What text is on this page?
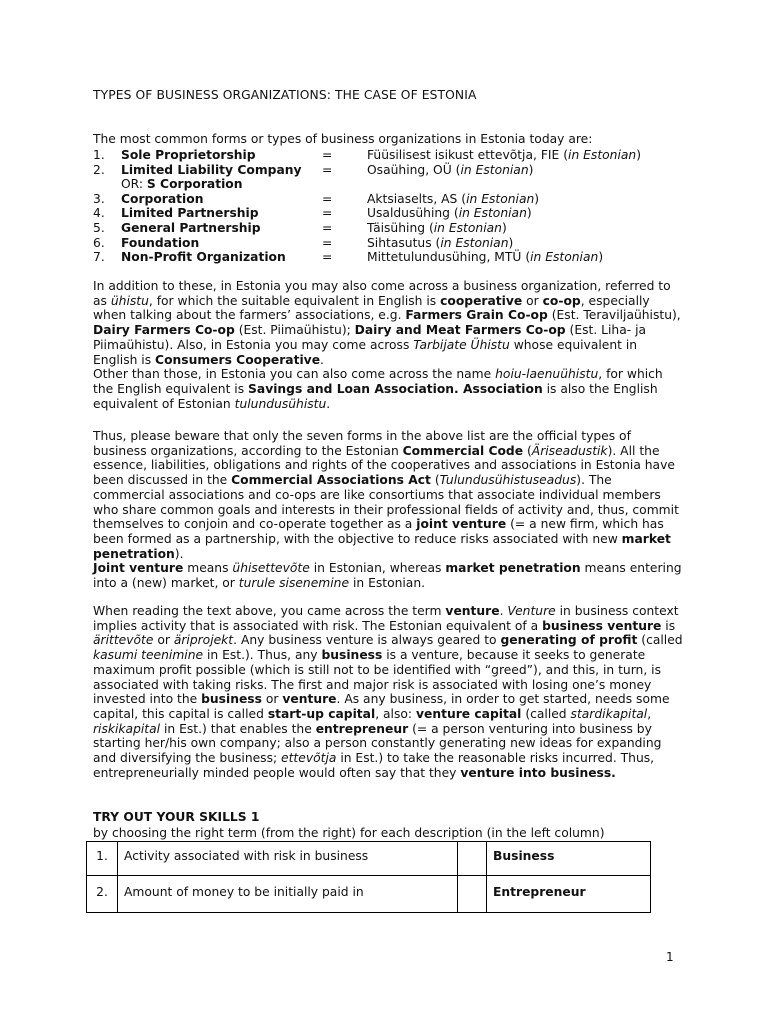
TYPES OF BUSINESS ORGANIZATIONS: THE CASE OF ESTONIA
The most common forms or types of business organizations in Estonia today are:
1. Sole Proprietorship	=	Füüsilisest isikust ettevõtja, FIE (in Estonian)
2. Limited Liability Company =	Osaühing, OÜ (in Estonian)
OR: S Corporation
3. Corporation	=	Aktsiaselts, AS (in Estonian)
4. Limited Partnership	=	Usaldusühing (in Estonian)
5. General Partnership	=	Täisühing (in Estonian)
6. Foundation	=	Sihtasutus (in Estonian)
7. Non-Profit Organization	=	Mittetulundusühing, MTÜ (in Estonian)
In addition to these, in Estonia you may also come across a business organization, referred to as ühistu, for which the suitable equivalent in English is cooperative or co-op, especially when talking about the farmers’ associations, e.g. Farmers Grain Co-op (Est. Teraviljaühistu), Dairy Farmers Co-op (Est. Piimaühistu); Dairy and Meat Farmers Co-op (Est. Liha- ja Piimaühistu). Also, in Estonia you may come across Tarbijate Ühistu whose equivalent in English is Consumers Cooperative.
Other than those, in Estonia you can also come across the name hoiu-laenuühistu, for which the English equivalent is Savings and Loan Association. Association is also the English equivalent of Estonian tulundusühistu.
Thus, please beware that only the seven forms in the above list are the official types of business organizations, according to the Estonian Commercial Code (Äriseadustik). All the essence, liabilities, obligations and rights of the cooperatives and associations in Estonia have been discussed in the Commercial Associations Act (Tulundusühistuseadus). The commercial associations and co-ops are like consortiums that associate individual members who share common goals and interests in their professional fields of activity and, thus, commit themselves to conjoin and co-operate together as a joint venture (= a new firm, which has been formed as a partnership, with the objective to reduce risks associated with new market penetration).
Joint venture means ühisettevõte in Estonian, whereas market penetration means entering into a (new) market, or turule sisenemine in Estonian.
When reading the text above, you came across the term venture. Venture in business context implies activity that is associated with risk. The Estonian equivalent of a business venture is ärittevõte or äriprojekt. Any business venture is always geared to generating of profit (called kasumi teenimine in Est.). Thus, any business is a venture, because it seeks to generate maximum profit possible (which is still not to be identified with “greed”), and this, in turn, is associated with taking risks. The first and major risk is associated with losing one’s money invested into the business or venture. As any business, in order to get started, needs some capital, this capital is called start-up capital, also: venture capital (called stardikapital, riskikapital in Est.) that enables the entrepreneur (= a person venturing into business by starting her/his own company; also a person constantly generating new ideas for expanding and diversifying the business; ettevõtja in Est.) to take the reasonable risks incurred. Thus, entrepreneurially minded people would often say that they venture into business.
TRY OUT YOUR SKILLS 1
by choosing the right term (from the right) for each description (in the left column)
1.	Activity associated with risk in business		Business
2.	Amount of money to be initially paid in		Entrepreneur
1
